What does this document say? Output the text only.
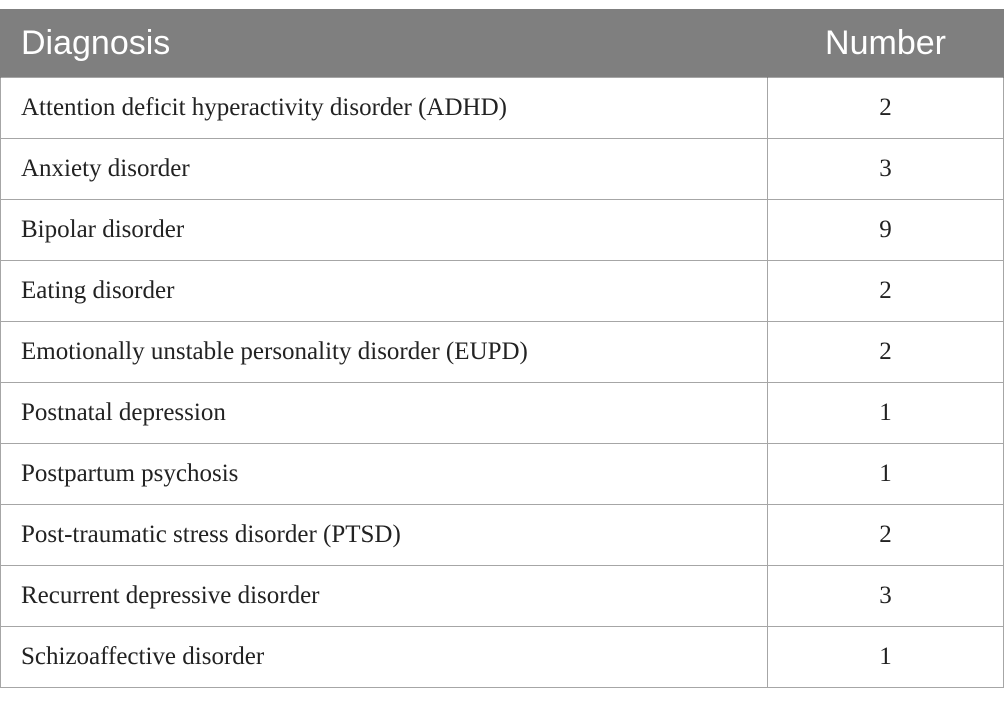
Diagnosis	Number
Attention deficit hyperactivity disorder (ADHD)	2
Anxiety disorder	3
Bipolar disorder	9
Eating disorder	2
Emotionally unstable personality disorder (EUPD)	2
Postnatal depression	1
Postpartum psychosis	1
Post-traumatic stress disorder (PTSD)	2
Recurrent depressive disorder	3
Schizoaffective disorder	1
